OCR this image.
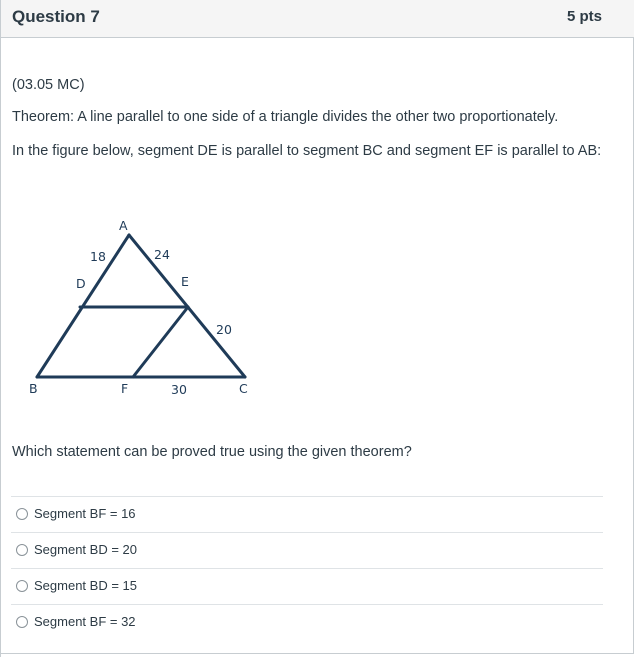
Question 7	5 pts
(03.05 MC)
Theorem: A line parallel to one side of a triangle divides the other two proportionately.
In the figure below, segment DE is parallel to segment BC and segment EF is parallel to AB:
A
B	C
D	E
F
18	24
20
30
Which statement can be proved true using the given theorem?
Segment BF = 16
Segment BD = 20
Segment BD = 15
Segment BF = 32
